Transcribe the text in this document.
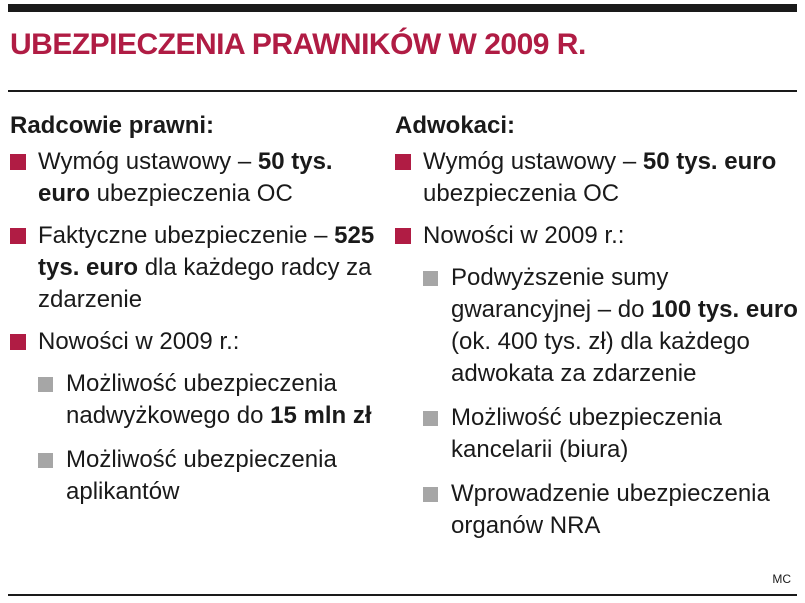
UBEZPIECZENIA PRAWNIKÓW W 2009 R.
Radcowie prawni:
Wymóg ustawowy – 50 tys. euro ubezpieczenia OC
Faktyczne ubezpieczenie – 525 tys. euro dla każdego radcy za zdarzenie
Nowości w 2009 r.:
Możliwość ubezpieczenia nadwyżkowego do 15 mln zł
Możliwość ubezpieczenia aplikantów
Adwokaci:
Wymóg ustawowy – 50 tys. euro ubezpieczenia OC
Nowości w 2009 r.:
Podwyższenie sumy gwarancyjnej – do 100 tys. euro (ok. 400 tys. zł) dla każdego adwokata za zdarzenie
Możliwość ubezpieczenia kancelarii (biura)
Wprowadzenie ubezpieczenia organów NRA
MC
